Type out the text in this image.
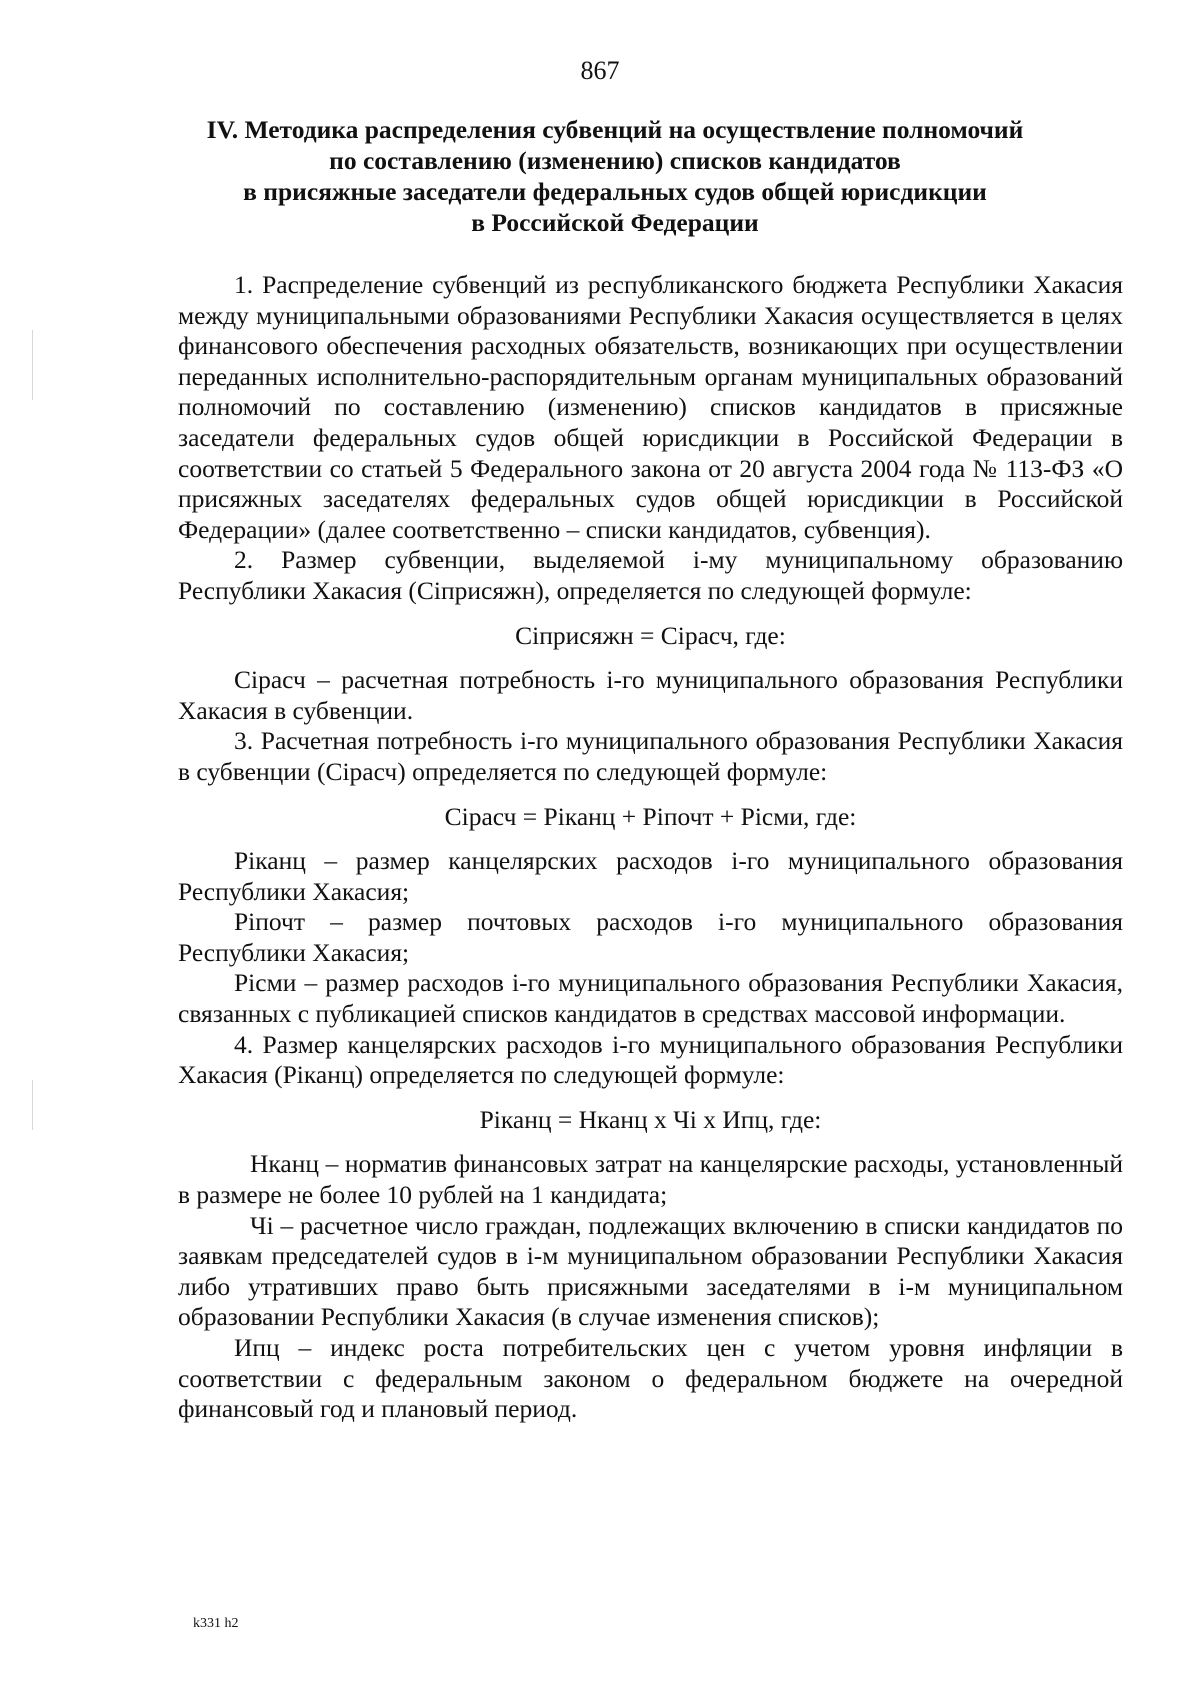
867
IV. Методика распределения субвенций на осуществление полномочий
по составлению (изменению) списков кандидатов
в присяжные заседатели федеральных судов общей юрисдикции
в Российской Федерации

1. Распределение субвенций из республиканского бюджета Республики Хакасия между муниципальными образованиями Республики Хакасия осуществляется в целях финансового обеспечения расходных обязательств, возникающих при осуществлении переданных исполнительно-распорядительным органам муниципальных образований полномочий по составлению (изменению) списков кандидатов в присяжные заседатели федеральных судов общей юрисдикции в Российской Федерации в соответствии со статьей 5 Федерального закона от 20 августа 2004 года № 113-ФЗ «О присяжных заседателях федеральных судов общей юрисдикции в Российской Федерации» (далее соответственно – списки кандидатов, субвенция).

2. Размер субвенции, выделяемой i-му муниципальному образованию Республики Хакасия (Сiприсяжн), определяется по следующей формуле:

Сiприсяжн = Сiрасч, где:

Сiрасч – расчетная потребность i-го муниципального образования Республики Хакасия в субвенции.

3. Расчетная потребность i-го муниципального образования Республики Хакасия в субвенции (Сiрасч) определяется по следующей формуле:

Сiрасч = Рiканц + Рiпочт + Рiсми, где:

Рiканц – размер канцелярских расходов i-го муниципального образования Республики Хакасия;

Рiпочт – размер почтовых расходов i-го муниципального образования Республики Хакасия;

Рiсми – размер расходов i-го муниципального образования Республики Хакасия, связанных с публикацией списков кандидатов в средствах массовой информации.

4. Размер канцелярских расходов i-го муниципального образования Республики Хакасия (Рiканц) определяется по следующей формуле:

Рiканц = Нканц х Чi х Ипц, где:

Нканц – норматив финансовых затрат на канцелярские расходы, установленный в размере не более 10 рублей на 1 кандидата;

Чi – расчетное число граждан, подлежащих включению в списки кандидатов по заявкам председателей судов в i-м муниципальном образовании Республики Хакасия либо утративших право быть присяжными заседателями в i-м муниципальном образовании Республики Хакасия (в случае изменения списков);

Ипц – индекс роста потребительских цен с учетом уровня инфляции в соответствии с федеральным законом о федеральном бюджете на очередной финансовый год и плановый период.

k331 h2
